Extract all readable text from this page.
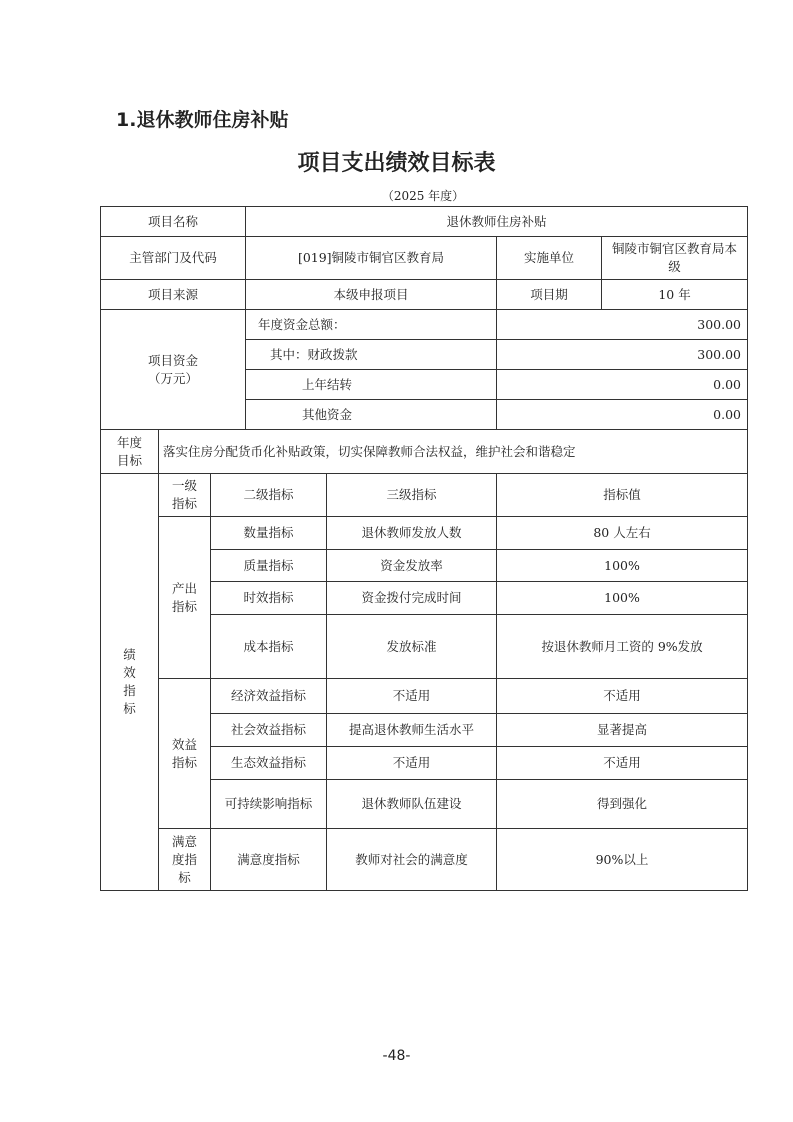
1.退休教师住房补贴
项目支出绩效目标表
（2025 年度）
项目名称			退休教师住房补贴			
主管部门及代码			[019]铜陵市铜官区教育局		实施单位	铜陵市铜官区教育局本级
项目来源			本级申报项目		项目期	10 年

项目资金
（万元）			年度资金总额：		300.00	
			其中：财政拨款		300.00	
			上年结转		0.00	
			其他资金		0.00	
年度目标	落实住房分配货币化补贴政策，切实保障教师合法权益，维护社会和谐稳定					
绩效指标	一级指标	二级指标		三级指标	指标值	
	产出指标	数量指标		退休教师发放人数	80 人左右	
		质量指标		资金发放率	100%	
		时效指标		资金拨付完成时间	100%	
		成本指标		发放标准	按退休教师月工资的 9%发放	
	效益指标	经济效益指标		不适用	不适用	
		社会效益指标		提高退休教师生活水平	显著提高	
		生态效益指标		不适用	不适用	
		可持续影响指标		退休教师队伍建设	得到强化	
	满意度指标	满意度指标		教师对社会的满意度	90%以上	
-48-
